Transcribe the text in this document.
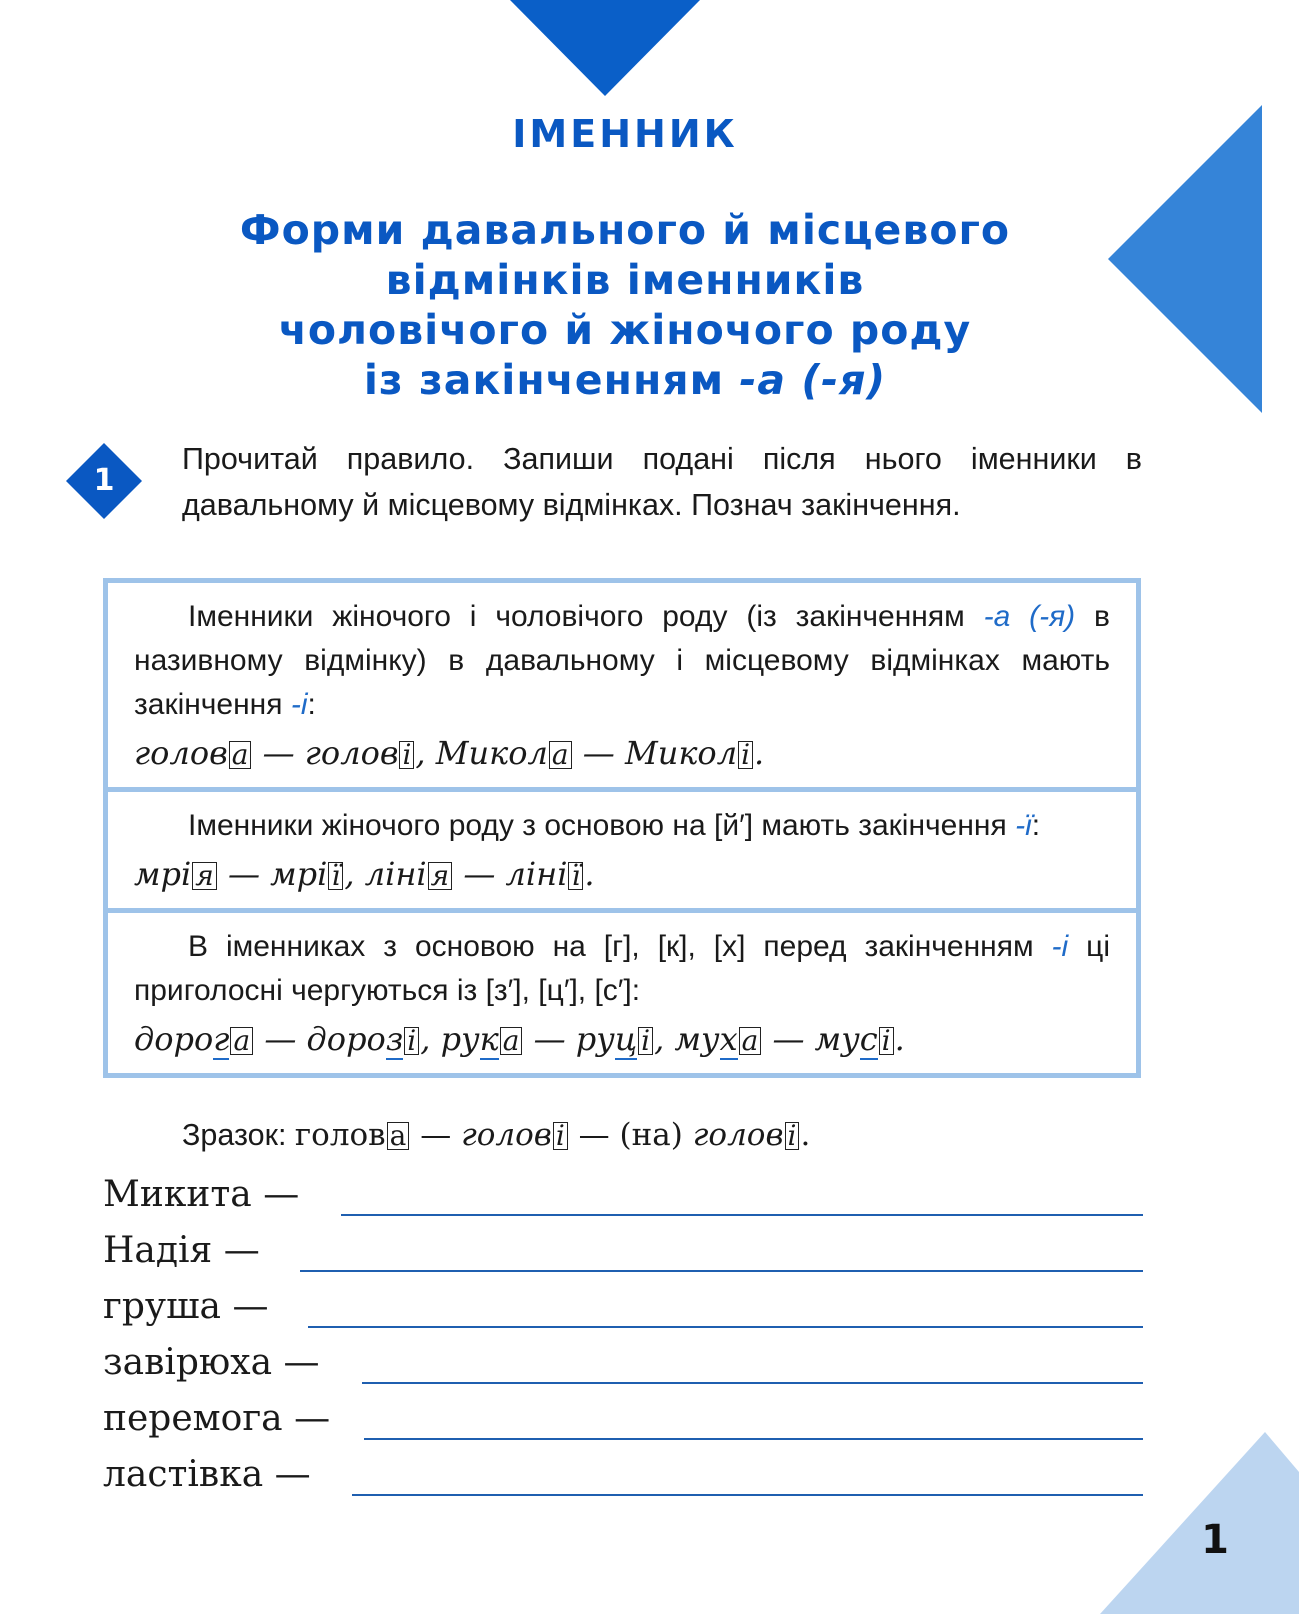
ІМЕННИК
Форми давального й місцевого
відмінків іменників
чоловічого й жіночого роду
із закінченням -а (-я)
1
Прочитай правило. Запиши подані після нього іменники в давальному й місцевому відмінках. Познач закінчення.

Іменники жіночого і чоловічого роду (із закінченням -а (-я) в називному відмінку) в давальному і місцевому відмінках мають закінчення -і:

голов а — голов і , Микол а — Микол і .

Іменники жіночого роду з основою на [й′] мають закінчення -ї:

мрі я — мрі ї , ліні я — ліні ї .

В іменниках з основою на [г], [к], [х] перед закінченням -і ці приголосні чергуються із [з′], [ц′], [с′]:

дорог а — дороз і , рук а — руц і , мух а — мус і .

Зразок: голов а — голов і — (на) голов і .
Микита —
Надія —
груша —
завірюха —
перемога —
ластівка —
1
